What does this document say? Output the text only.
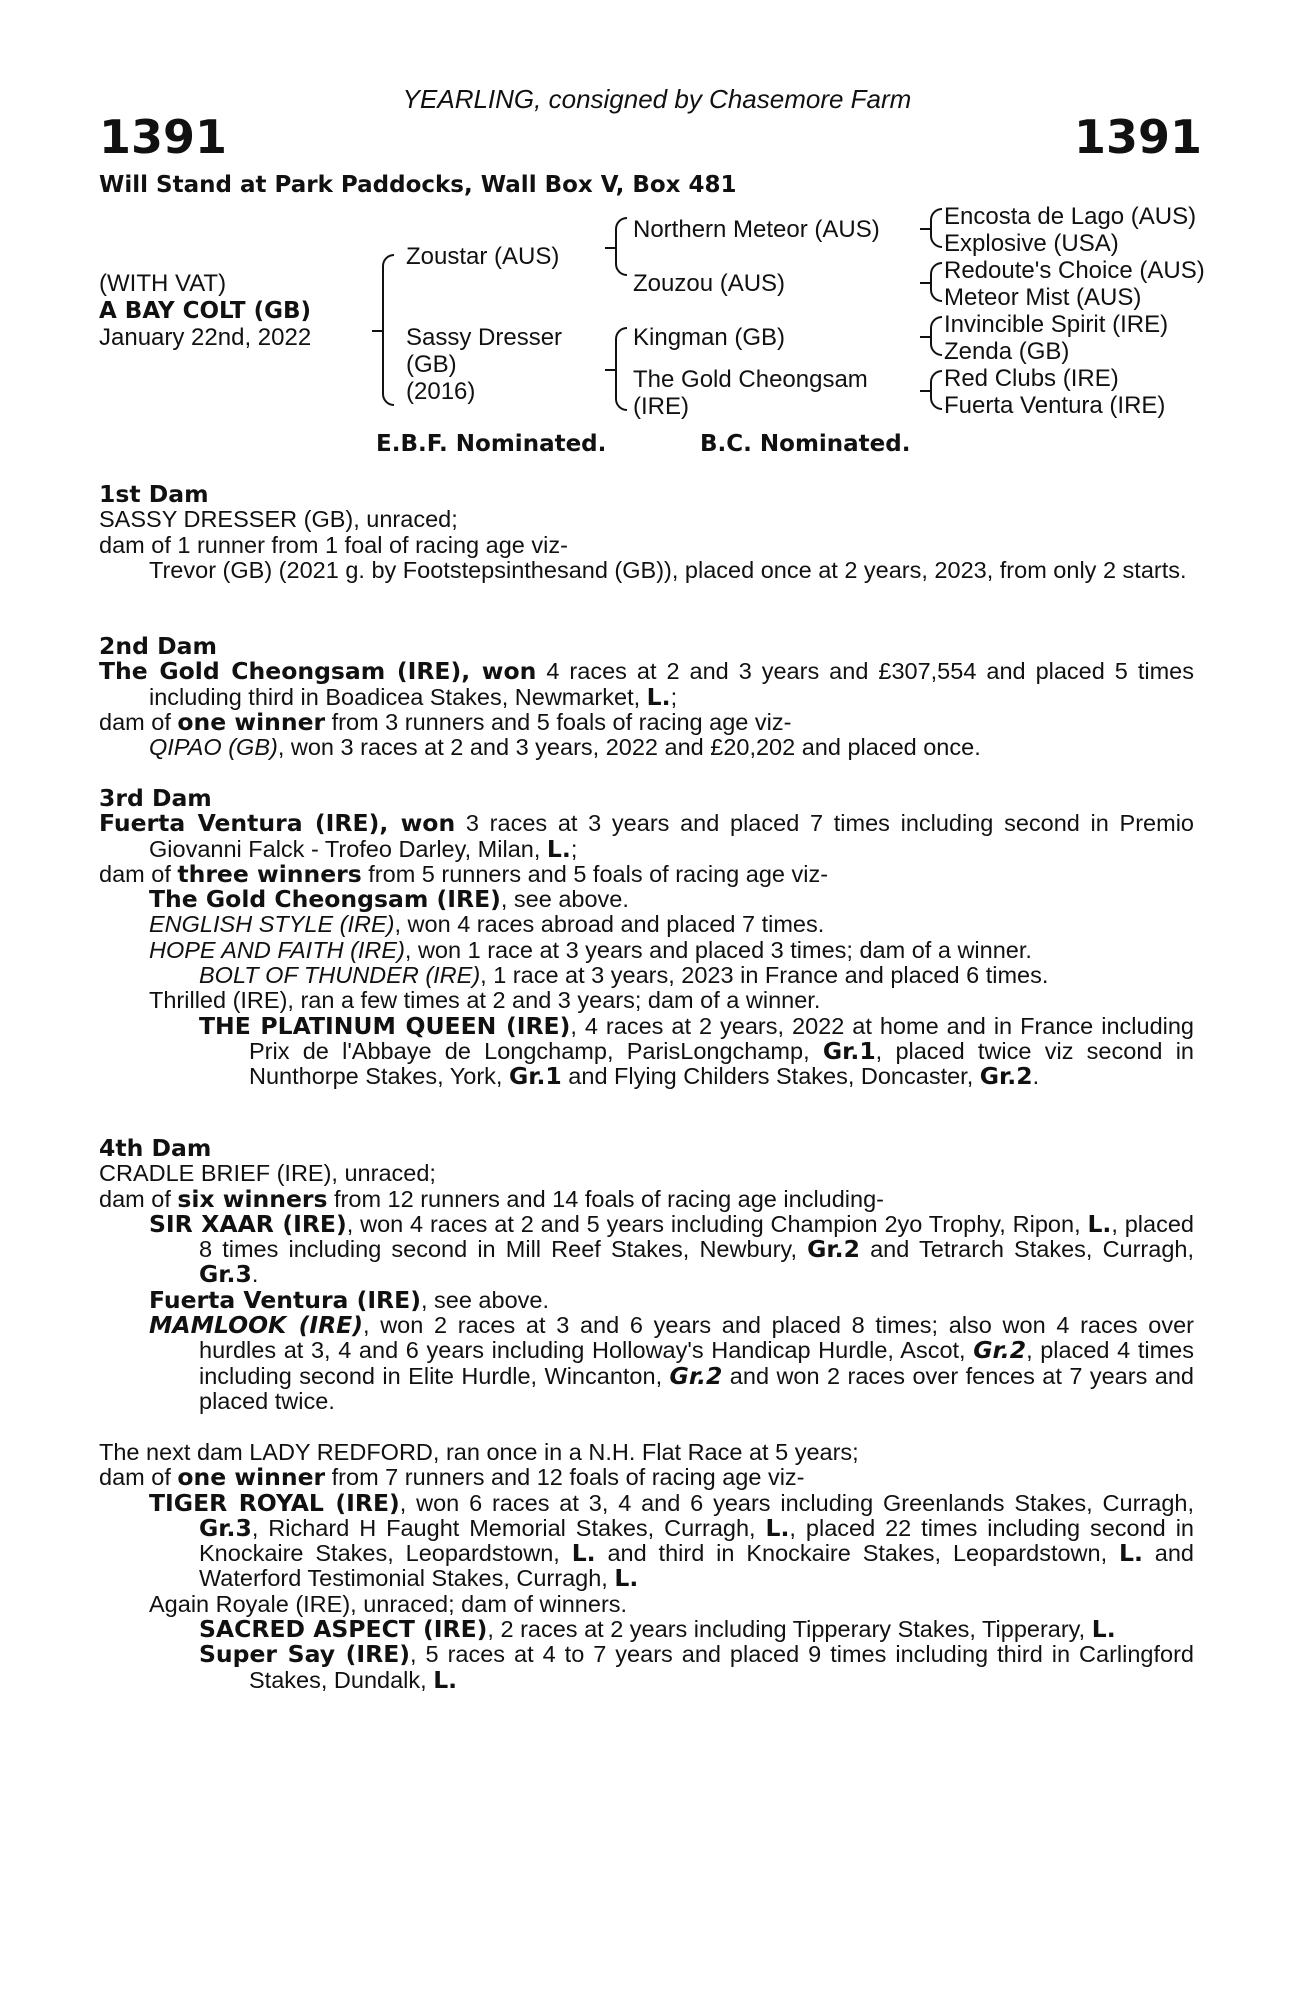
YEARLING, consigned by Chasemore Farm
1391	1391
Will Stand at Park Paddocks, Wall Box V, Box 481
(WITH VAT)
A BAY COLT (GB)
January 22nd, 2022
Zoustar (AUS)
Sassy Dresser
(GB)
(2016)
Northern Meteor (AUS)
Zouzou (AUS)
Kingman (GB)
The Gold Cheongsam
(IRE)
Encosta de Lago (AUS)
Explosive (USA)
Redoute's Choice (AUS)
Meteor Mist (AUS)
Invincible Spirit (IRE)
Zenda (GB)
Red Clubs (IRE)
Fuerta Ventura (IRE)
E.B.F. Nominated.	B.C. Nominated.

1st Dam

SASSY DRESSER (GB), unraced;

dam of 1 runner from 1 foal of racing age viz-

Trevor (GB) (2021 g. by Footstepsinthesand (GB)), placed once at 2 years, 2023, from only 2 starts.

2nd Dam

The Gold Cheongsam (IRE), won 4 races at 2 and 3 years and £307,554 and placed 5 times including third in Boadicea Stakes, Newmarket, L.;

dam of one winner from 3 runners and 5 foals of racing age viz-

QIPAO (GB), won 3 races at 2 and 3 years, 2022 and £20,202 and placed once.

3rd Dam

Fuerta Ventura (IRE), won 3 races at 3 years and placed 7 times including second in Premio Giovanni Falck - Trofeo Darley, Milan, L.;

dam of three winners from 5 runners and 5 foals of racing age viz-

The Gold Cheongsam (IRE), see above.

ENGLISH STYLE (IRE), won 4 races abroad and placed 7 times.

HOPE AND FAITH (IRE), won 1 race at 3 years and placed 3 times; dam of a winner.

BOLT OF THUNDER (IRE), 1 race at 3 years, 2023 in France and placed 6 times.

Thrilled (IRE), ran a few times at 2 and 3 years; dam of a winner.

THE PLATINUM QUEEN (IRE), 4 races at 2 years, 2022 at home and in France including Prix de l'Abbaye de Longchamp, ParisLongchamp, Gr.1, placed twice viz second in Nunthorpe Stakes, York, Gr.1 and Flying Childers Stakes, Doncaster, Gr.2.

4th Dam

CRADLE BRIEF (IRE), unraced;

dam of six winners from 12 runners and 14 foals of racing age including-

SIR XAAR (IRE), won 4 races at 2 and 5 years including Champion 2yo Trophy, Ripon, L., placed 8 times including second in Mill Reef Stakes, Newbury, Gr.2 and Tetrarch Stakes, Curragh, Gr.3.

Fuerta Ventura (IRE), see above.

MAMLOOK (IRE), won 2 races at 3 and 6 years and placed 8 times; also won 4 races over hurdles at 3, 4 and 6 years including Holloway's Handicap Hurdle, Ascot, Gr.2, placed 4 times including second in Elite Hurdle, Wincanton, Gr.2 and won 2 races over fences at 7 years and placed twice.

The next dam LADY REDFORD, ran once in a N.H. Flat Race at 5 years;

dam of one winner from 7 runners and 12 foals of racing age viz-

TIGER ROYAL (IRE), won 6 races at 3, 4 and 6 years including Greenlands Stakes, Curragh, Gr.3, Richard H Faught Memorial Stakes, Curragh, L., placed 22 times including second in Knockaire Stakes, Leopardstown, L. and third in Knockaire Stakes, Leopardstown, L. and Waterford Testimonial Stakes, Curragh, L.

Again Royale (IRE), unraced; dam of winners.

SACRED ASPECT (IRE), 2 races at 2 years including Tipperary Stakes, Tipperary, L.

Super Say (IRE), 5 races at 4 to 7 years and placed 9 times including third in Carlingford Stakes, Dundalk, L.
